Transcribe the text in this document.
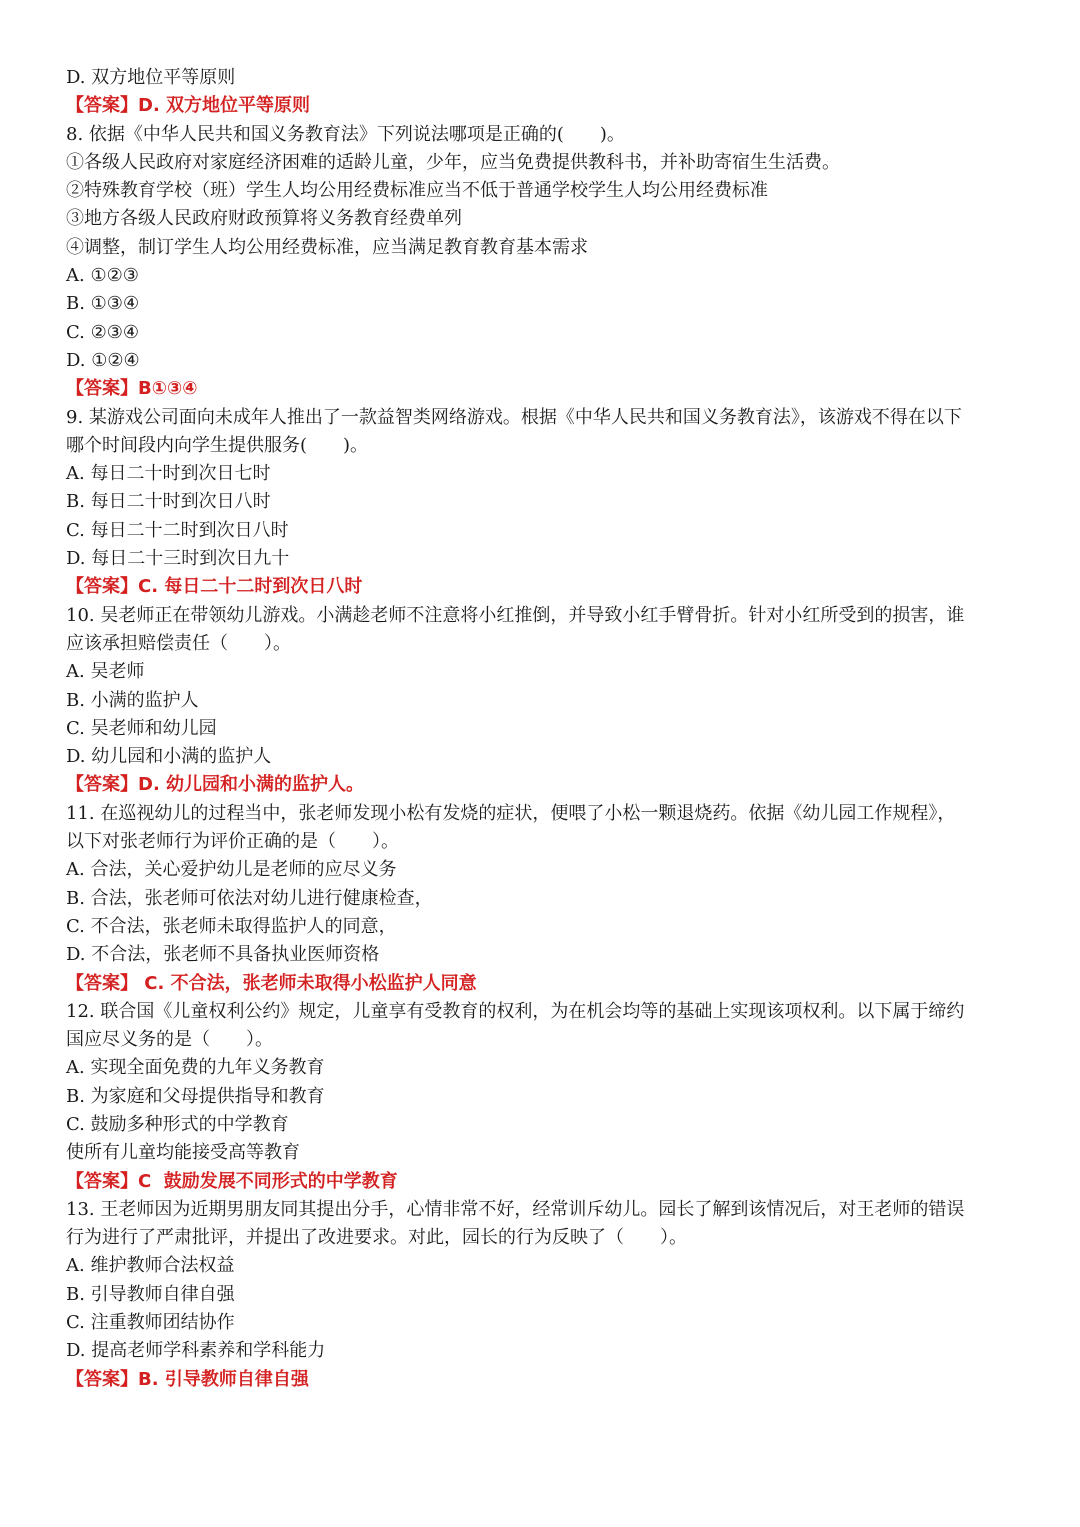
D. 双方地位平等原则
【答案】D. 双方地位平等原则
8. 依据《中华人民共和国义务教育法》下列说法哪项是正确的(　　)。
①各级人民政府对家庭经济困难的适龄儿童，少年，应当免费提供教科书，并补助寄宿生生活费。
②特殊教育学校（班）学生人均公用经费标准应当不低于普通学校学生人均公用经费标准
③地方各级人民政府财政预算将义务教育经费单列
④调整，制订学生人均公用经费标准，应当满足教育教育基本需求
A. ①②③
B. ①③④
C. ②③④
D. ①②④
【答案】B①③④
9. 某游戏公司面向未成年人推出了一款益智类网络游戏。根据《中华人民共和国义务教育法》，该游戏不得在以下
哪个时间段内向学生提供服务(　　)。
A. 每日二十时到次日七时
B. 每日二十时到次日八时
C. 每日二十二时到次日八时
D. 每日二十三时到次日九十
【答案】C. 每日二十二时到次日八时
10. 吴老师正在带领幼儿游戏。小满趁老师不注意将小红推倒，并导致小红手臂骨折。针对小红所受到的损害，谁
应该承担赔偿责任（　　）。
A. 吴老师
B. 小满的监护人
C. 吴老师和幼儿园
D. 幼儿园和小满的监护人
【答案】D. 幼儿园和小满的监护人。
11. 在巡视幼儿的过程当中，张老师发现小松有发烧的症状，便喂了小松一颗退烧药。依据《幼儿园工作规程》，
以下对张老师行为评价正确的是（　　）。
A. 合法，关心爱护幼儿是老师的应尽义务
B. 合法，张老师可依法对幼儿进行健康检查，
C. 不合法，张老师未取得监护人的同意，
D. 不合法，张老师不具备执业医师资格
【答案】 C. 不合法，张老师未取得小松监护人同意
12. 联合国《儿童权利公约》规定，儿童享有受教育的权利，为在机会均等的基础上实现该项权利。以下属于缔约
国应尽义务的是（　　）。
A. 实现全面免费的九年义务教育
B. 为家庭和父母提供指导和教育
C. 鼓励多种形式的中学教育
使所有儿童均能接受高等教育
【答案】C  鼓励发展不同形式的中学教育
13. 王老师因为近期男朋友同其提出分手，心情非常不好，经常训斥幼儿。园长了解到该情况后，对王老师的错误
行为进行了严肃批评，并提出了改进要求。对此，园长的行为反映了（　　）。
A. 维护教师合法权益
B. 引导教师自律自强
C. 注重教师团结协作
D. 提高老师学科素养和学科能力
【答案】B. 引导教师自律自强
